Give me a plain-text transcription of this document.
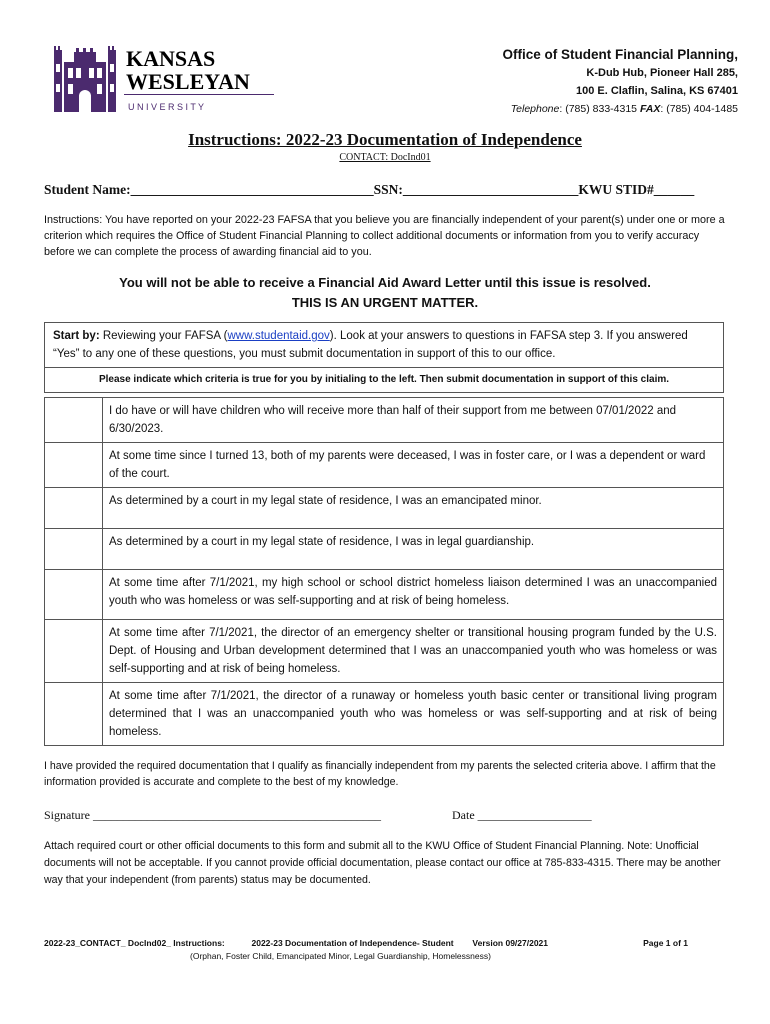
KANSAS
WESLEYAN
U N I V E R S I T Y
Office of Student Financial Planning,
K-Dub Hub, Pioneer Hall 285,
100 E. Claflin, Salina, KS 67401
Telephone: (785) 833-4315 FAX: (785) 404-1485
Instructions: 2022-23 Documentation of Independence
CONTACT: DocInd01
Student Name:____________________________________SSN:__________________________KWU STID#______
Instructions: You have reported on your 2022-23 FAFSA that you believe you are financially independent of your parent(s) under one or more a criterion which requires the Office of Student Financial Planning to collect additional documents or information from you to verify accuracy before we can complete the process of awarding financial aid to you.
You will not be able to receive a Financial Aid Award Letter until this issue is resolved.
THIS IS AN URGENT MATTER.
Start by: Reviewing your FAFSA (www.studentaid.gov). Look at your answers to questions in FAFSA step 3. If you answered “Yes” to any one of these questions, you must submit documentation in support of this to our office.
Please indicate which criteria is true for you by initialing to the left. Then submit documentation in support of this claim.
	I do have or will have children who will receive more than half of their support from me between 07/01/2022 and 6/30/2023.
	At some time since I turned 13, both of my parents were deceased, I was in foster care, or I was a dependent or ward of the court.
	As determined by a court in my legal state of residence, I was an emancipated minor.
	As determined by a court in my legal state of residence, I was in legal guardianship.
	At some time after 7/1/2021, my high school or school district homeless liaison determined I was an unaccompanied youth who was homeless or was self-supporting and at risk of being homeless.
	At some time after 7/1/2021, the director of an emergency shelter or transitional housing program funded by the U.S. Dept. of Housing and Urban development determined that I was an unaccompanied youth who was homeless or was self-supporting and at risk of being homeless.
	At some time after 7/1/2021, the director of a runaway or homeless youth basic center or transitional living program determined that I was an unaccompanied youth who was homeless or was self-supporting and at risk of being homeless.
I have provided the required documentation that I qualify as financially independent from my parents the selected criteria above. I affirm that the information provided is accurate and complete to the best of my knowledge.
Signature ________________________________________________	Date ___________________
Attach required court or other official documents to this form and submit all to the KWU Office of Student Financial Planning. Note: Unofficial documents will not be acceptable. If you cannot provide official documentation, please contact our office at 785-833-4315. There may be another way that your independent (from parents) status may be documented.
2022-23_CONTACT_ DocInd02_ Instructions:	2022-23 Documentation of Independence- Student Version 09/27/2021	Page 1 of 1
(Orphan, Foster Child, Emancipated Minor, Legal Guardianship, Homelessness)
